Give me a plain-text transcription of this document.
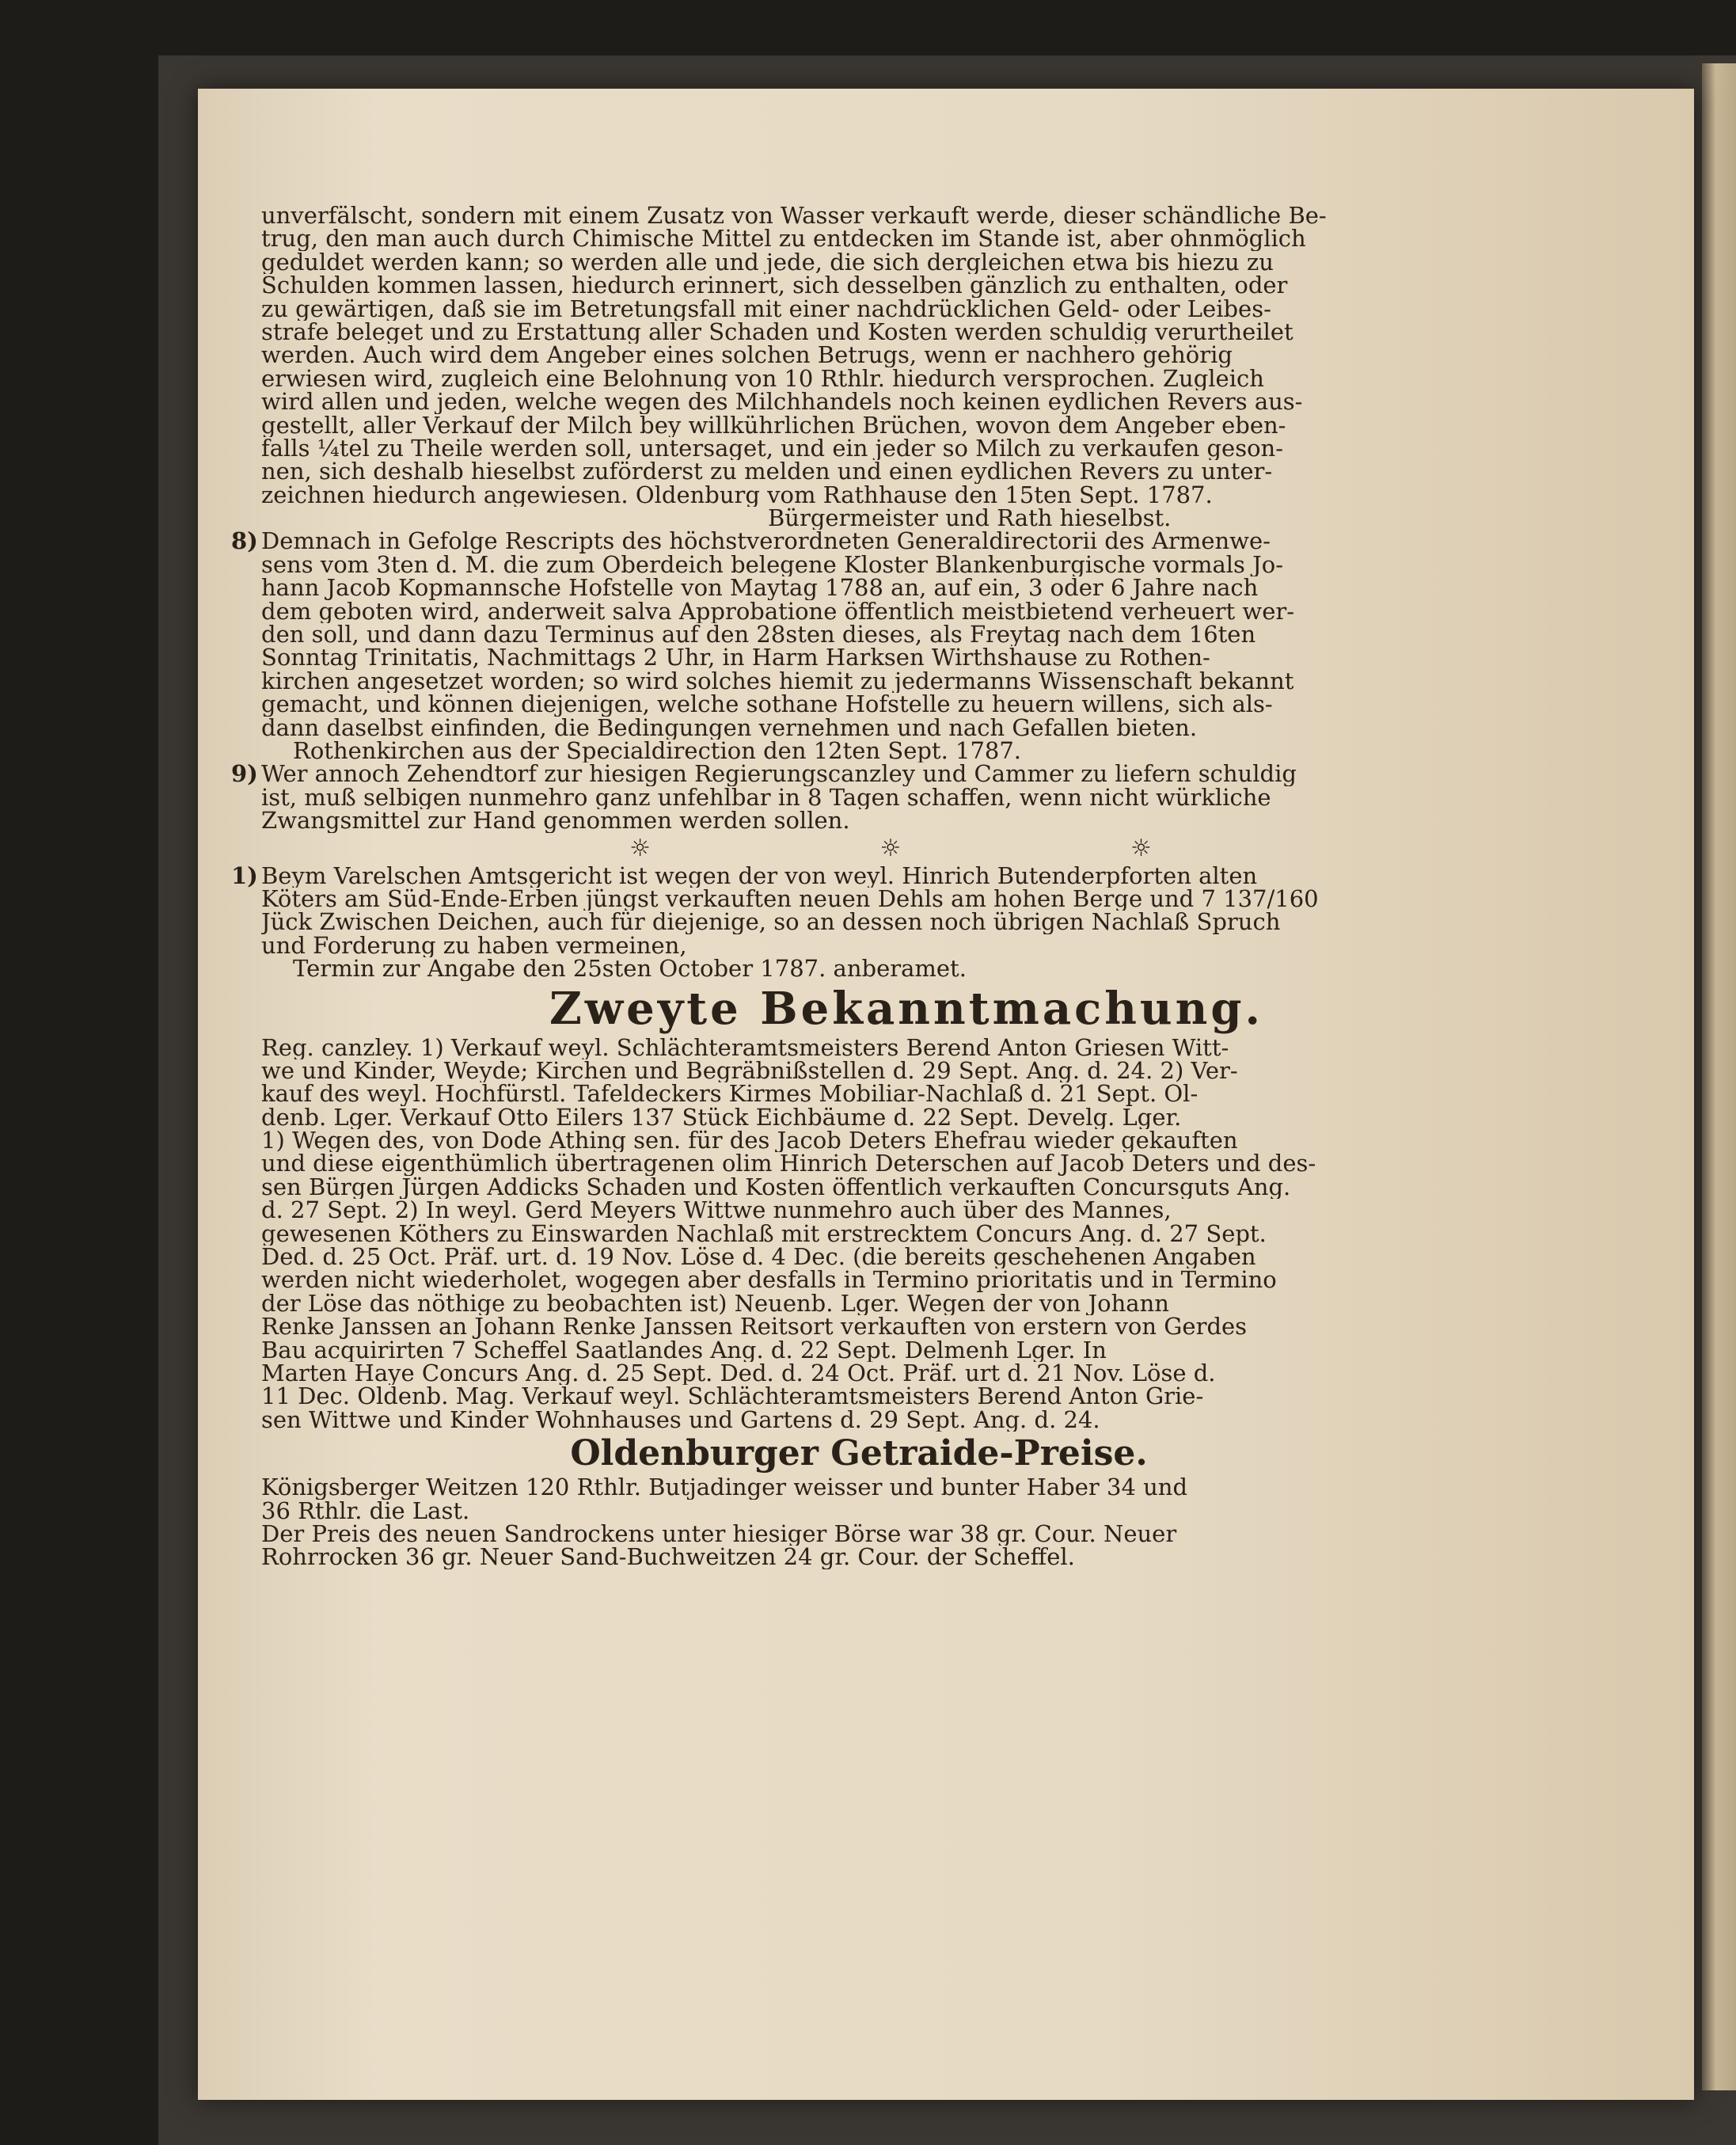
unverfälscht, sondern mit einem Zusatz von Wasser verkauft werde, dieser schändliche Be-
trug, den man auch durch Chimische Mittel zu entdecken im Stande ist, aber ohnmöglich
geduldet werden kann; so werden alle und jede, die sich dergleichen etwa bis hiezu zu
Schulden kommen lassen, hiedurch erinnert, sich desselben gänzlich zu enthalten, oder
zu gewärtigen, daß sie im Betretungsfall mit einer nachdrücklichen Geld- oder Leibes-
strafe beleget und zu Erstattung aller Schaden und Kosten werden schuldig verurtheilet
werden. Auch wird dem Angeber eines solchen Betrugs, wenn er nachhero gehörig
erwiesen wird, zugleich eine Belohnung von 10 Rthlr. hiedurch versprochen. Zugleich
wird allen und jeden, welche wegen des Milchhandels noch keinen eydlichen Revers aus-
gestellt, aller Verkauf der Milch bey willkührlichen Brüchen, wovon dem Angeber eben-
falls ¼tel zu Theile werden soll, untersaget, und ein jeder so Milch zu verkaufen geson-
nen, sich deshalb hieselbst zuförderst zu melden und einen eydlichen Revers zu unter-
zeichnen hiedurch angewiesen. Oldenburg vom Rathhause den 15ten Sept. 1787.
Bürgermeister und Rath hieselbst.
8) Demnach in Gefolge Rescripts des höchstverordneten Generaldirectorii des Armenwe-
sens vom 3ten d. M. die zum Oberdeich belegene Kloster Blankenburgische vormals Jo-
hann Jacob Kopmannsche Hofstelle von Maytag 1788 an, auf ein, 3 oder 6 Jahre nach
dem geboten wird, anderweit salva Approbatione öffentlich meistbietend verheuert wer-
den soll, und dann dazu Terminus auf den 28sten dieses, als Freytag nach dem 16ten
Sonntag Trinitatis, Nachmittags 2 Uhr, in Harm Harksen Wirthshause zu Rothen-
kirchen angesetzet worden; so wird solches hiemit zu jedermanns Wissenschaft bekannt
gemacht, und können diejenigen, welche sothane Hofstelle zu heuern willens, sich als-
dann daselbst einfinden, die Bedingungen vernehmen und nach Gefallen bieten.
Rothenkirchen aus der Specialdirection den 12ten Sept. 1787.
9) Wer annoch Zehendtorf zur hiesigen Regierungscanzley und Cammer zu liefern schuldig
ist, muß selbigen nunmehro ganz unfehlbar in 8 Tagen schaffen, wenn nicht würkliche
Zwangsmittel zur Hand genommen werden sollen.
☼ ☼ ☼
1) Beym Varelschen Amtsgericht ist wegen der von weyl. Hinrich Butenderpforten alten
Köters am Süd-Ende-Erben jüngst verkauften neuen Dehls am hohen Berge und 7 137/160
Jück Zwischen Deichen, auch für diejenige, so an dessen noch übrigen Nachlaß Spruch
und Forderung zu haben vermeinen,
Termin zur Angabe den 25sten October 1787. anberamet.
Zweyte Bekanntmachung.
Reg. canzley. 1) Verkauf weyl. Schlächteramtsmeisters Berend Anton Griesen Witt-
we und Kinder, Weyde; Kirchen und Begräbnißstellen d. 29 Sept. Ang. d. 24. 2) Ver-
kauf des weyl. Hochfürstl. Tafeldeckers Kirmes Mobiliar-Nachlaß d. 21 Sept. Ol-
denb. Lger. Verkauf Otto Eilers 137 Stück Eichbäume d. 22 Sept. Develg. Lger.
1) Wegen des, von Dode Athing sen. für des Jacob Deters Ehefrau wieder gekauften
und diese eigenthümlich übertragenen olim Hinrich Deterschen auf Jacob Deters und des-
sen Bürgen Jürgen Addicks Schaden und Kosten öffentlich verkauften Concursguts Ang.
d. 27 Sept. 2) In weyl. Gerd Meyers Wittwe nunmehro auch über des Mannes,
gewesenen Köthers zu Einswarden Nachlaß mit erstrecktem Concurs Ang. d. 27 Sept.
Ded. d. 25 Oct. Präf. urt. d. 19 Nov. Löse d. 4 Dec. (die bereits geschehenen Angaben
werden nicht wiederholet, wogegen aber desfalls in Termino prioritatis und in Termino
der Löse das nöthige zu beobachten ist) Neuenb. Lger. Wegen der von Johann
Renke Janssen an Johann Renke Janssen Reitsort verkauften von erstern von Gerdes
Bau acquirirten 7 Scheffel Saatlandes Ang. d. 22 Sept. Delmenh Lger. In
Marten Haye Concurs Ang. d. 25 Sept. Ded. d. 24 Oct. Präf. urt d. 21 Nov. Löse d.
11 Dec. Oldenb. Mag. Verkauf weyl. Schlächteramtsmeisters Berend Anton Grie-
sen Wittwe und Kinder Wohnhauses und Gartens d. 29 Sept. Ang. d. 24.
Oldenburger Getraide-Preise.
Königsberger Weitzen 120 Rthlr. Butjadinger weisser und bunter Haber 34 und
36 Rthlr. die Last.
Der Preis des neuen Sandrockens unter hiesiger Börse war 38 gr. Cour. Neuer
Rohrrocken 36 gr. Neuer Sand-Buchweitzen 24 gr. Cour. der Scheffel.
